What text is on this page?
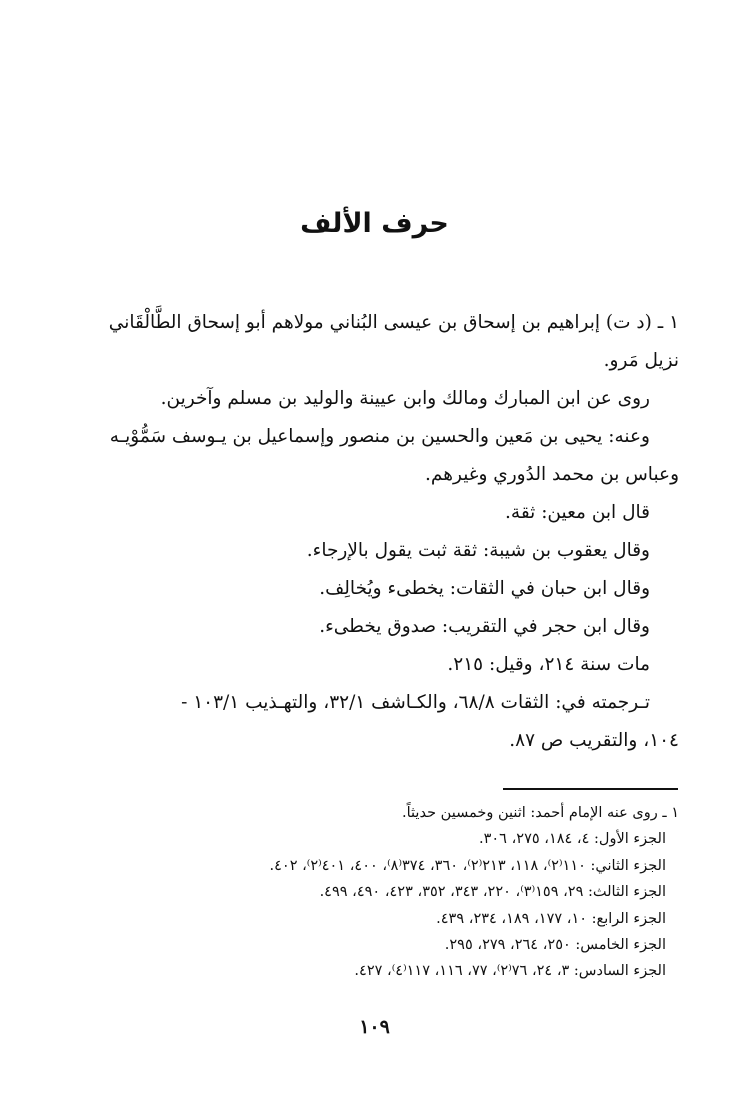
حرف الألف
١ ـ (د ت) إبراهيم بن إسحاق بن عيسى البُناني مولاهم أبو إسحاق الطَّالْقَاني
نزيل مَرو.
روى عن ابن المبارك ومالك وابن عيينة والوليد بن مسلم وآخرين.
وعنه: يحيى بن مَعين والحسين بن منصور وإسماعيل بن يـوسف سَمُّوْيـه
وعباس بن محمد الدُوري وغيرهم.
قال ابن معين: ثقة.
وقال يعقوب بن شيبة: ثقة ثبت يقول بالإرجاء.
وقال ابن حبان في الثقات: يخطىء ويُخالِف.
وقال ابن حجر في التقريب: صدوق يخطىء.
مات سنة ٢١٤، وقيل: ٢١٥.
تـرجمته في: الثقات ٦٨/٨، والكـاشف ٣٢/١، والتهـذيب ١٠٣/١ -
١٠٤، والتقريب ص ٨٧.
١ ـ روى عنه الإمام أحمد: اثنين وخمسين حديثاً.
الجزء الأول: ٤، ١٨٤، ٢٧٥، ٣٠٦.
الجزء الثاني: ١١٠⁽٢⁾، ١١٨، ٢١٣⁽٢⁾، ٣٦٠، ٣٧٤⁽٨⁾، ٤٠٠، ٤٠١⁽٢⁾، ٤٠٢.
الجزء الثالث: ٢٩، ١٥٩⁽٣⁾، ٢٢٠، ٣٤٣، ٣٥٢، ٤٢٣، ٤٩٠، ٤٩٩.
الجزء الرابع: ١٠، ١٧٧، ١٨٩، ٢٣٤، ٤٣٩.
الجزء الخامس: ٢٥٠، ٢٦٤، ٢٧٩، ٢٩٥.
الجزء السادس: ٣، ٢٤، ٧٦⁽٢⁾، ٧٧، ١١٦، ١١٧⁽٤⁾، ٤٢٧.
١٠٩
